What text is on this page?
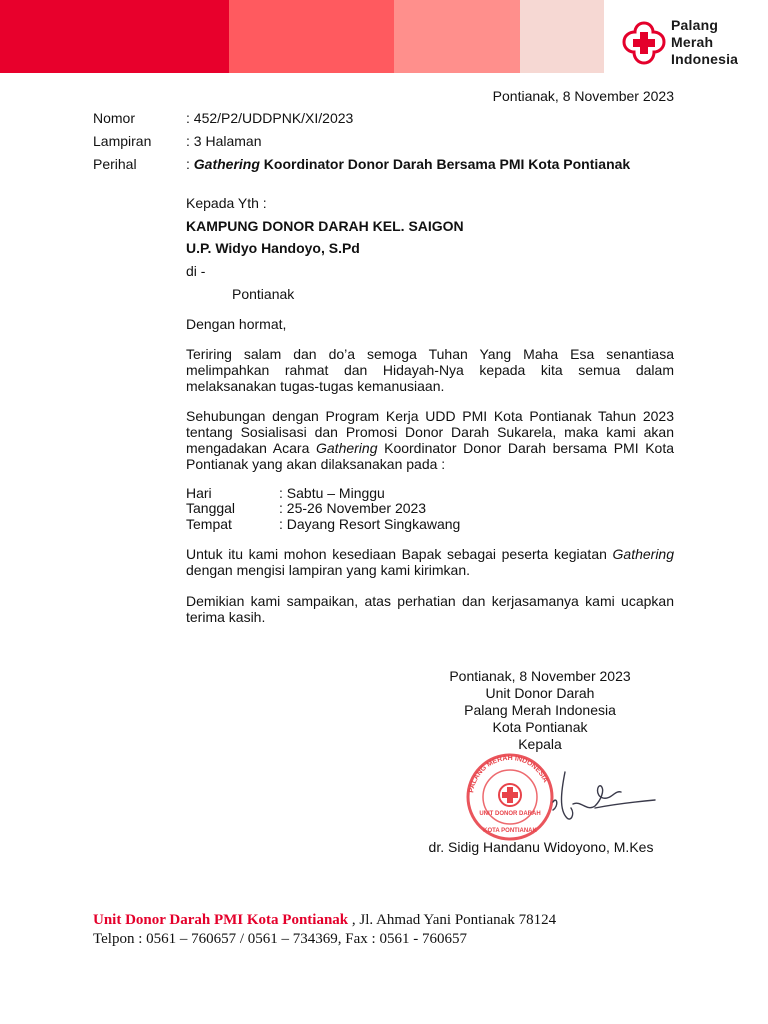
Palang
Merah
Indonesia
Pontianak, 8 November 2023
Nomor	: 452/P2/UDDPNK/XI/2023
Lampiran : 3 Halaman
Perihal	: Gathering Koordinator Donor Darah Bersama PMI Kota Pontianak
Kepada Yth :
KAMPUNG DONOR DARAH KEL. SAIGON
U.P. Widyo Handoyo, S.Pd
di -
Pontianak
Dengan hormat,
Teriring salam dan do’a semoga Tuhan Yang Maha Esa senantiasa melimpahkan rahmat dan Hidayah-Nya kepada kita semua dalam melaksanakan tugas-tugas kemanusiaan.
Sehubungan dengan Program Kerja UDD PMI Kota Pontianak Tahun 2023 tentang Sosialisasi dan Promosi Donor Darah Sukarela, maka kami akan mengadakan Acara Gathering Koordinator Donor Darah bersama PMI Kota Pontianak yang akan dilaksanakan pada :
Hari	: Sabtu – Minggu
Tanggal	: 25-26 November 2023
Tempat	: Dayang Resort Singkawang
Untuk itu kami mohon kesediaan Bapak sebagai peserta kegiatan Gathering dengan mengisi lampiran yang kami kirimkan.
Demikian kami sampaikan, atas perhatian dan kerjasamanya kami ucapkan terima kasih.
Pontianak, 8 November 2023
Unit Donor Darah
Palang Merah Indonesia
Kota Pontianak
Kepala
PALANG MERAH INDONESIA
UNIT DONOR DARAH
KOTA PONTIANAK
dr. Sidig Handanu Widoyono, M.Kes
Unit Donor Darah PMI Kota Pontianak , Jl. Ahmad Yani Pontianak 78124
Telpon : 0561 – 760657 / 0561 – 734369, Fax : 0561 - 760657
